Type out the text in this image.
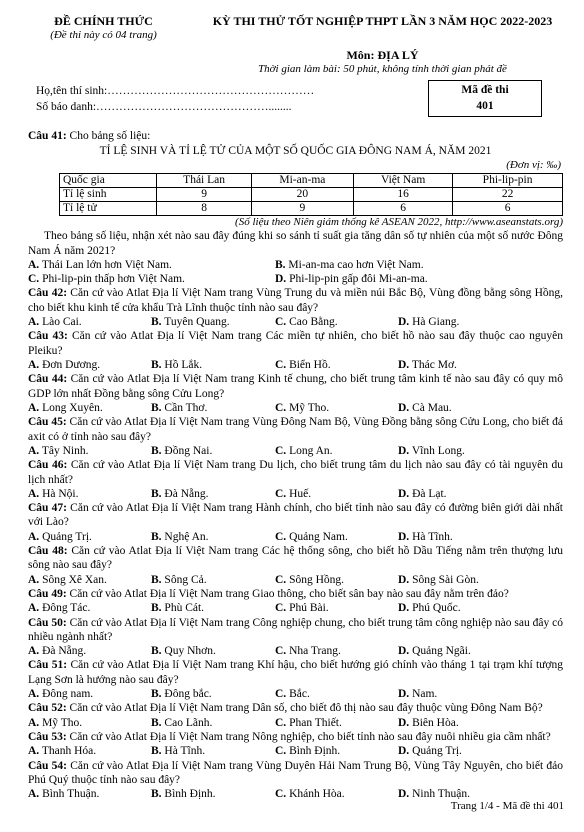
ĐỀ CHÍNH THỨC
(Đề thi này có 04 trang)
KỲ THI THỬ TỐT NGHIỆP THPT LẦN 3 NĂM HỌC 2022-2023
Môn: ĐỊA LÝ
Thời gian làm bài: 50 phút, không tính thời gian phát đề
Họ,tên thí sinh:………………………………………………
Số báo danh:………………………………………........
Mã đề thi
401
Câu 41: Cho bảng số liệu:
TỈ LỆ SINH VÀ TỈ LỆ TỬ CỦA MỘT SỐ QUỐC GIA ĐÔNG NAM Á, NĂM 2021
(Đơn vị: ‰)
Quốc gia	Thái Lan	Mi-an-ma	Việt Nam	Phi-lip-pin
Tỉ lệ sinh	9	20	16	22
Tỉ lệ tử	8	9	6	6
(Số liệu theo Niên giám thống kê ASEAN 2022, http://www.aseanstats.org)
Theo bảng số liệu, nhận xét nào sau đây đúng khi so sánh tỉ suất gia tăng dân số tự nhiên của một số nước Đông Nam Á năm 2021?
A. Thái Lan lớn hơn Việt Nam.	B. Mi-an-ma cao hơn Việt Nam.
C. Phi-lip-pin thấp hơn Việt Nam.	D. Phi-lip-pin gấp đôi Mi-an-ma.
Câu 42: Căn cứ vào Atlat Địa lí Việt Nam trang Vùng Trung du và miền núi Bắc Bộ, Vùng đồng bằng sông Hồng, cho biết khu kinh tế cửa khẩu Trà Lĩnh thuộc tỉnh nào sau đây?
A. Lào Cai.	B. Tuyên Quang.	C. Cao Bằng.	D. Hà Giang.
Câu 43: Căn cứ vào Atlat Địa lí Việt Nam trang Các miền tự nhiên, cho biết hồ nào sau đây thuộc cao nguyên Pleiku?
A. Đơn Dương.	B. Hồ Lắk.	C. Biển Hồ.	D. Thác Mơ.
Câu 44: Căn cứ vào Atlat Địa lí Việt Nam trang Kinh tế chung, cho biết trung tâm kinh tế nào sau đây có quy mô GDP lớn nhất Đồng bằng sông Cửu Long?
A. Long Xuyên.	B. Cần Thơ.	C. Mỹ Tho.	D. Cà Mau.
Câu 45: Căn cứ vào Atlat Địa lí Việt Nam trang Vùng Đông Nam Bộ, Vùng Đồng bằng sông Cửu Long, cho biết đá axit có ở tỉnh nào sau đây?
A. Tây Ninh.	B. Đồng Nai.	C. Long An.	D. Vĩnh Long.
Câu 46: Căn cứ vào Atlat Địa lí Việt Nam trang Du lịch, cho biết trung tâm du lịch nào sau đây có tài nguyên du lịch nhất?
A. Hà Nội.	B. Đà Nẵng.	C. Huế.	D. Đà Lạt.
Câu 47: Căn cứ vào Atlat Địa lí Việt Nam trang Hành chính, cho biết tỉnh nào sau đây có đường biên giới dài nhất với Lào?
A. Quảng Trị.	B. Nghệ An.	C. Quảng Nam.	D. Hà Tĩnh.
Câu 48: Căn cứ vào Atlat Địa lí Việt Nam trang Các hệ thống sông, cho biết hồ Dầu Tiếng nằm trên thượng lưu sông nào sau đây?
A. Sông Xê Xan.	B. Sông Cả.	C. Sông Hồng.	D. Sông Sài Gòn.
Câu 49: Căn cứ vào Atlat Địa lí Việt Nam trang Giao thông, cho biết sân bay nào sau đây nằm trên đảo?
A. Đông Tác.	B. Phù Cát.	C. Phú Bài.	D. Phú Quốc.
Câu 50: Căn cứ vào Atlat Địa lí Việt Nam trang Công nghiệp chung, cho biết trung tâm công nghiệp nào sau đây có nhiều ngành nhất?
A. Đà Nẵng.	B. Quy Nhơn.	C. Nha Trang.	D. Quảng Ngãi.
Câu 51: Căn cứ vào Atlat Địa lí Việt Nam trang Khí hậu, cho biết hướng gió chính vào tháng 1 tại trạm khí tượng Lạng Sơn là hướng nào sau đây?
A. Đông nam.	B. Đông bắc.	C. Bắc.	D. Nam.
Câu 52: Căn cứ vào Atlat Địa lí Việt Nam trang Dân số, cho biết đô thị nào sau đây thuộc vùng Đông Nam Bộ?
A. Mỹ Tho.	B. Cao Lãnh.	C. Phan Thiết.	D. Biên Hòa.
Câu 53: Căn cứ vào Atlat Địa lí Việt Nam trang Nông nghiệp, cho biết tỉnh nào sau đây nuôi nhiều gia cầm nhất?
A. Thanh Hóa.	B. Hà Tĩnh.	C. Bình Định.	D. Quảng Trị.
Câu 54: Căn cứ vào Atlat Địa lí Việt Nam trang Vùng Duyên Hải Nam Trung Bộ, Vùng Tây Nguyên, cho biết đảo Phú Quý thuộc tỉnh nào sau đây?
A. Bình Thuận.	B. Bình Định.	C. Khánh Hòa.	D. Ninh Thuận.
Trang 1/4 - Mã đề thi 401
